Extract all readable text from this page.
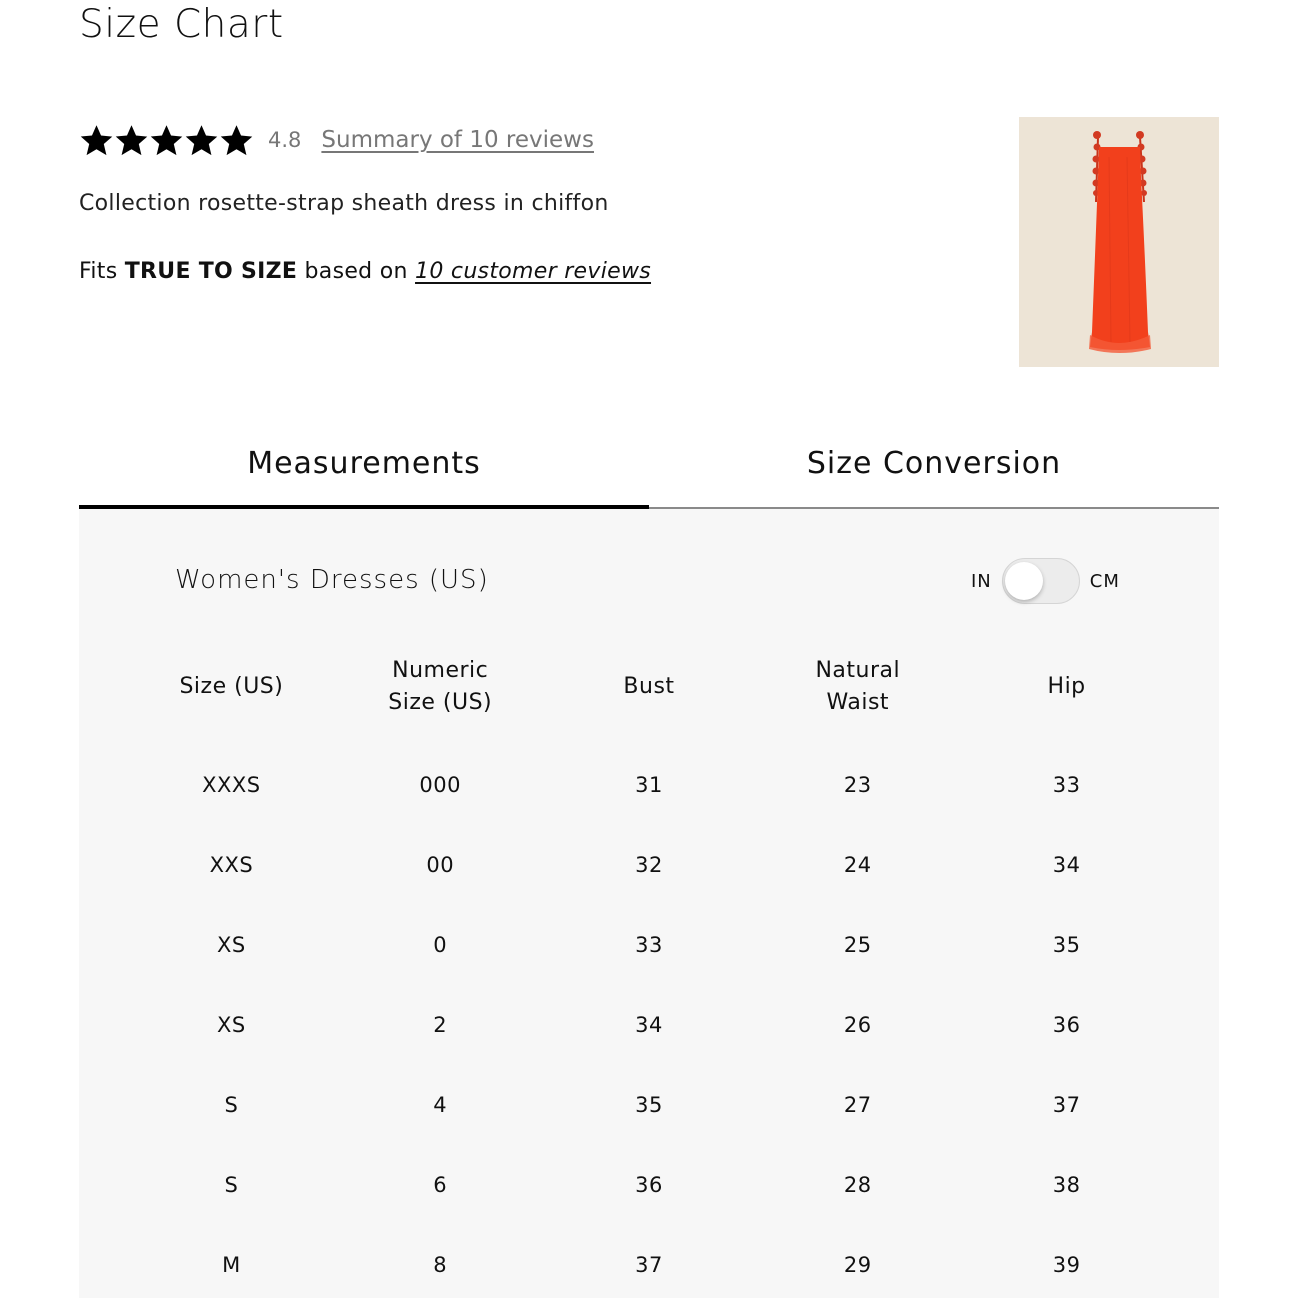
Size Chart
4.8 Summary of 10 reviews

Collection rosette-strap sheath dress in chiffon

Fits TRUE TO SIZE based on 10 customer reviews

Measurements	Size Conversion
Women's Dresses (US)	IN	CM
Size (US)	Numeric Size (US)	Bust	Natural Waist	Hip
XXXS	000	31	23	33
XXS	00	32	24	34
XS	0	33	25	35
XS	2	34	26	36
S	4	35	27	37
S	6	36	28	38
M	8	37	29	39
